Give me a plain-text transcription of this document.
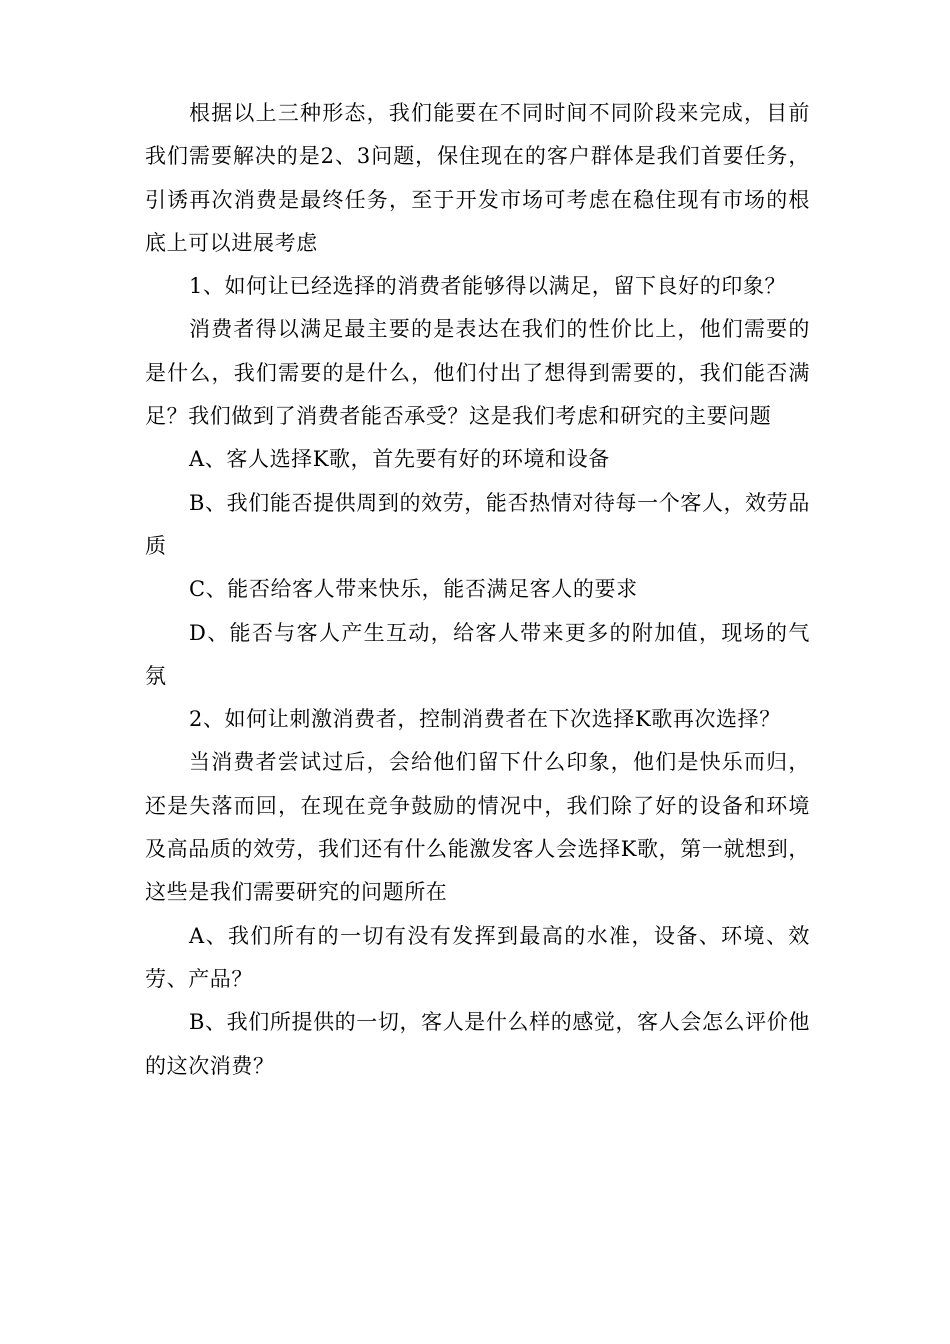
根据以上三种形态，我们能要在不同时间不同阶段来完成，目前我们需要解决的是2、3问题，保住现在的客户群体是我们首要任务，引诱再次消费是最终任务，至于开发市场可考虑在稳住现有市场的根底上可以进展考虑

1、如何让已经选择的消费者能够得以满足，留下良好的印象？

消费者得以满足最主要的是表达在我们的性价比上，他们需要的是什么，我们需要的是什么，他们付出了想得到需要的，我们能否满足？我们做到了消费者能否承受？这是我们考虑和研究的主要问题

A、客人选择K歌，首先要有好的环境和设备

B、我们能否提供周到的效劳，能否热情对待每一个客人，效劳品质

C、能否给客人带来快乐，能否满足客人的要求

D、能否与客人产生互动，给客人带来更多的附加值，现场的气氛

2、如何让刺激消费者，控制消费者在下次选择K歌再次选择？

当消费者尝试过后，会给他们留下什么印象，他们是快乐而归，还是失落而回，在现在竞争鼓励的情况中，我们除了好的设备和环境及高品质的效劳，我们还有什么能激发客人会选择K歌，第一就想到，这些是我们需要研究的问题所在

A、我们所有的一切有没有发挥到最高的水准，设备、环境、效劳、产品？

B、我们所提供的一切，客人是什么样的感觉，客人会怎么评价他的这次消费？
